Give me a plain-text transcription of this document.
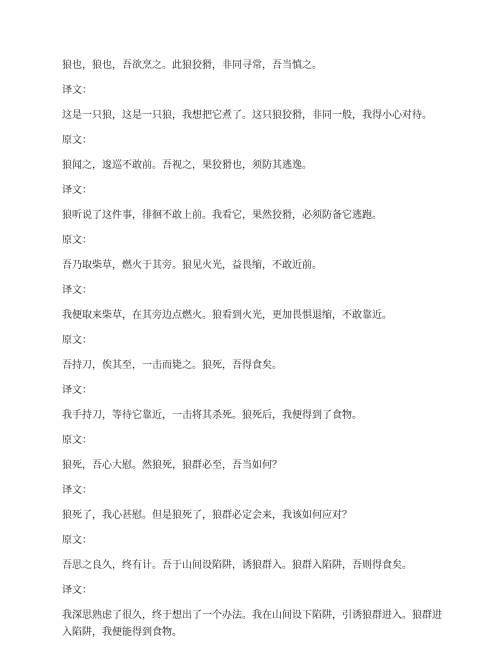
狼也，狼也，吾欲烹之。此狼狡猾，非同寻常，吾当慎之。

译文：

这是一只狼，这是一只狼，我想把它煮了。这只狼狡猾，非同一般，我得小心对待。

原文：

狼闻之，逡巡不敢前。吾视之，果狡猾也，须防其逃逸。

译文：

狼听说了这件事，徘徊不敢上前。我看它，果然狡猾，必须防备它逃跑。

原文：

吾乃取柴草，燃火于其旁。狼见火光，益畏缩，不敢近前。

译文：

我便取来柴草，在其旁边点燃火。狼看到火光，更加畏惧退缩，不敢靠近。

原文：

吾持刀，俟其至，一击而毙之。狼死，吾得食矣。

译文：

我手持刀，等待它靠近，一击将其杀死。狼死后，我便得到了食物。

原文：

狼死，吾心大慰。然狼死，狼群必至，吾当如何？

译文：

狼死了，我心甚慰。但是狼死了，狼群必定会来，我该如何应对？

原文：

吾思之良久，终有计。吾于山间设陷阱，诱狼群入。狼群入陷阱，吾则得食矣。

译文：

我深思熟虑了很久，终于想出了一个办法。我在山间设下陷阱，引诱狼群进入。狼群进入陷阱，我便能得到食物。
